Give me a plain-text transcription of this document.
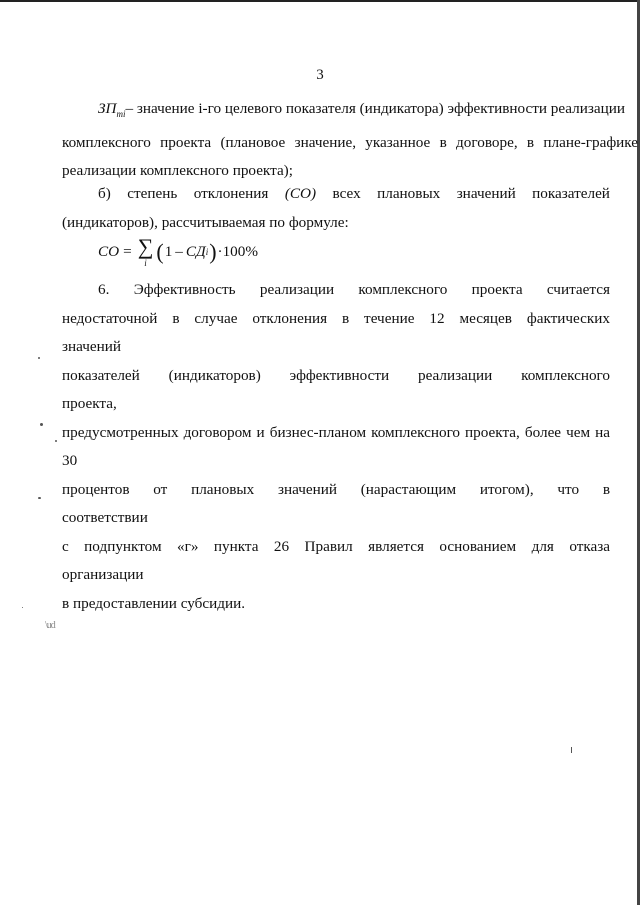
3
$ЗП_{mi}-$ значение i-го целевого показателя (индикатора) эффективности реализации
комплексного проекта (плановое значение, указанное в договоре, в плане-графике
реализации комплексного проекта);
б) степень отклонения (СО) всех плановых значений показателей
(индикаторов), рассчитываемая по формуле:
СО = ∑
i ( 1 – СД i ) ·100%
6. Эффективность реализации комплексного проекта считается
недостаточной в случае отклонения в течение 12 месяцев фактических значений
показателей (индикаторов) эффективности реализации комплексного проекта,
предусмотренных договором и бизнес-планом комплексного проекта, более чем на 30
процентов от плановых значений (нарастающим итогом), что в соответствии
с подпунктом «г» пункта 26 Правил является основанием для отказа организации
в предоставлении субсидии.
\ud
